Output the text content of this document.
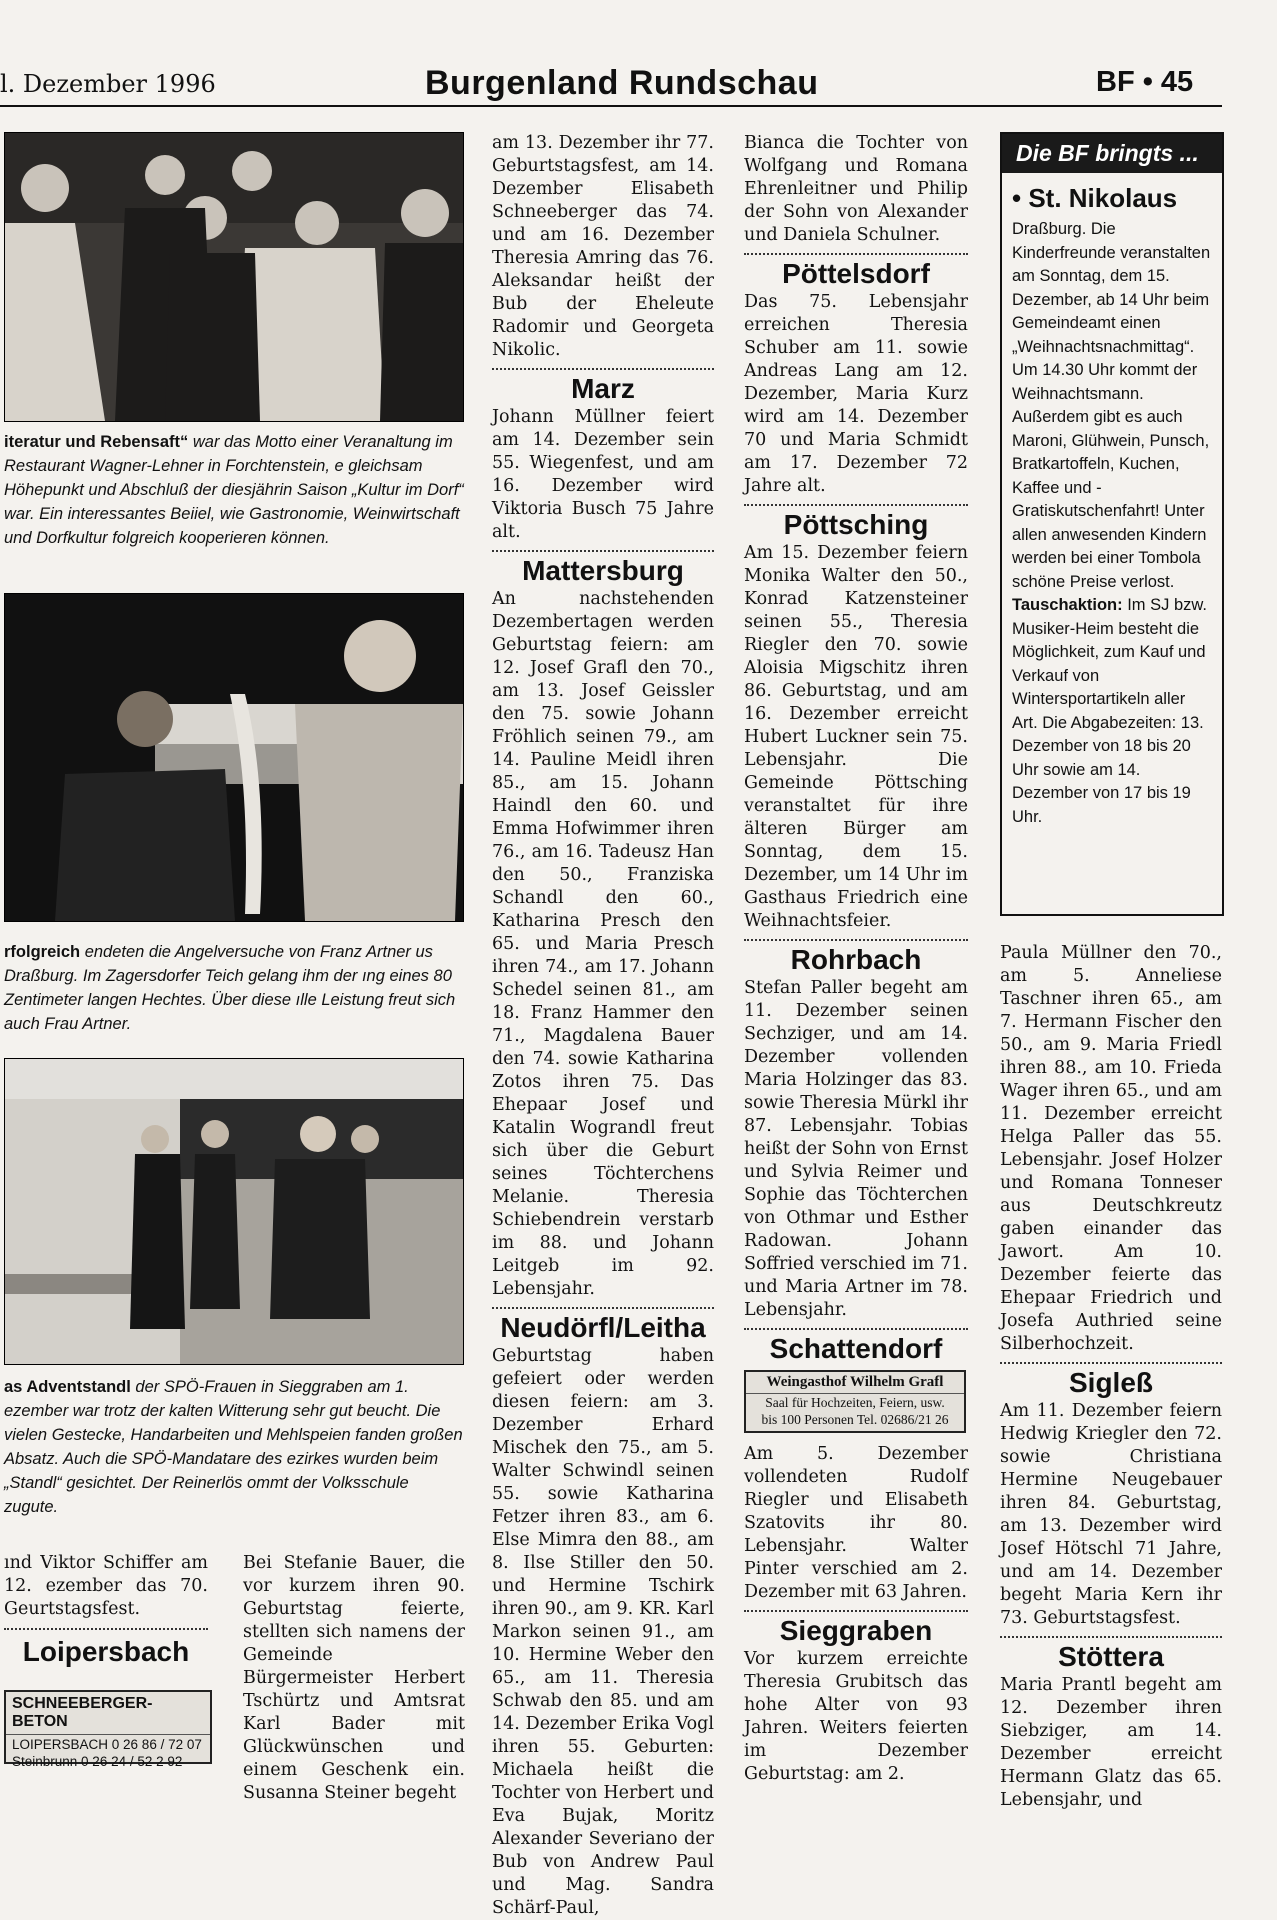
l. Dezember 1996	Burgenland Rundschau	BF • 45
iteratur und Rebensaft“ war das Motto einer Veranaltung im Restaurant Wagner-Lehner in Forchtenstein, e gleichsam Höhepunkt und Abschluß der diesjährin Saison „Kultur im Dorf“ war. Ein interessantes Beiiel, wie Gastronomie, Weinwirtschaft und Dorfkultur folgreich kooperieren können.
rfolgreich endeten die Angelversuche von Franz Artner us Draßburg. Im Zagersdorfer Teich gelang ihm der ıng eines 80 Zentimeter langen Hechtes. Über diese ılle Leistung freut sich auch Frau Artner.
as Adventstandl der SPÖ-Frauen in Sieggraben am 1. ezember war trotz der kalten Witterung sehr gut beucht. Die vielen Gestecke, Handarbeiten und Mehlspeien fanden großen Absatz. Auch die SPÖ-Mandatare des ezirkes wurden beim „Standl“ gesichtet. Der Reinerlös ommt der Volksschule zugute.

ınd Viktor Schiffer am 12. ezember das 70. Geurtstagsfest.

Loipersbach
SCHNEEBERGER-BETON
LOIPERSBACH 0 26 86 / 72 07
Steinbrunn 0 26 24 / 52 2 92

Bei Stefanie Bauer, die vor kurzem ihren 90. Geburtstag feierte, stellten sich namens der Gemeinde Bürgermeister Herbert Tschürtz und Amtsrat Karl Bader mit Glückwünschen und einem Geschenk ein. Susanna Steiner begeht

am 13. Dezember ihr 77. Geburtstagsfest, am 14. Dezember Elisabeth Schneeberger das 74. und am 16. Dezember Theresia Amring das 76. Aleksandar heißt der Bub der Eheleute Radomir und Georgeta Nikolic.

Marz

Johann Müllner feiert am 14. Dezember sein 55. Wiegenfest, und am 16. Dezember wird Viktoria Busch 75 Jahre alt.

Mattersburg

An nachstehenden Dezembertagen werden Geburtstag feiern: am 12. Josef Grafl den 70., am 13. Josef Geissler den 75. sowie Johann Fröhlich seinen 79., am 14. Pauline Meidl ihren 85., am 15. Johann Haindl den 60. und Emma Hofwimmer ihren 76., am 16. Tadeusz Han den 50., Franziska Schandl den 60., Katharina Presch den 65. und Maria Presch ihren 74., am 17. Johann Schedel seinen 81., am 18. Franz Hammer den 71., Magdalena Bauer den 74. sowie Katharina Zotos ihren 75. Das Ehepaar Josef und Katalin Wograndl freut sich über die Geburt seines Töchterchens Melanie. Theresia Schiebendrein verstarb im 88. und Johann Leitgeb im 92. Lebensjahr.

Neudörfl/Leitha

Geburtstag haben gefeiert oder werden diesen feiern: am 3. Dezember Erhard Mischek den 75., am 5. Walter Schwindl seinen 55. sowie Katharina Fetzer ihren 83., am 6. Else Mimra den 88., am 8. Ilse Stiller den 50. und Hermine Tschirk ihren 90., am 9. KR. Karl Markon seinen 91., am 10. Hermine Weber den 65., am 11. Theresia Schwab den 85. und am 14. Dezember Erika Vogl ihren 55. Geburten: Michaela heißt die Tochter von Herbert und Eva Bujak, Moritz Alexander Severiano der Bub von Andrew Paul und Mag. Sandra Schärf-Paul,

Bianca die Tochter von Wolfgang und Romana Ehrenleitner und Philip der Sohn von Alexander und Daniela Schulner.

Pöttelsdorf

Das 75. Lebensjahr erreichen Theresia Schuber am 11. sowie Andreas Lang am 12. Dezember, Maria Kurz wird am 14. Dezember 70 und Maria Schmidt am 17. Dezember 72 Jahre alt.

Pöttsching

Am 15. Dezember feiern Monika Walter den 50., Konrad Katzensteiner seinen 55., Theresia Riegler den 70. sowie Aloisia Migschitz ihren 86. Geburtstag, und am 16. Dezember erreicht Hubert Luckner sein 75. Lebensjahr. Die Gemeinde Pöttsching veranstaltet für ihre älteren Bürger am Sonntag, dem 15. Dezember, um 14 Uhr im Gasthaus Friedrich eine Weihnachtsfeier.

Rohrbach

Stefan Paller begeht am 11. Dezember seinen Sechziger, und am 14. Dezember vollenden Maria Holzinger das 83. sowie Theresia Mürkl ihr 87. Lebensjahr. Tobias heißt der Sohn von Ernst und Sylvia Reimer und Sophie das Töchterchen von Othmar und Esther Radowan. Johann Soffried verschied im 71. und Maria Artner im 78. Lebensjahr.

Schattendorf
Weingasthof Wilhelm Grafl
Saal für Hochzeiten, Feiern, usw.
bis 100 Personen Tel. 02686/21 26

Am 5. Dezember vollendeten Rudolf Riegler und Elisabeth Szatovits ihr 80. Lebensjahr. Walter Pinter verschied am 2. Dezember mit 63 Jahren.

Sieggraben

Vor kurzem erreichte Theresia Grubitsch das hohe Alter von 93 Jahren. Weiters feierten im Dezember Geburtstag: am 2.

Die BF bringts ...
• St. Nikolaus

Draßburg. Die Kinderfreunde veranstalten am Sonntag, dem 15. Dezember, ab 14 Uhr beim Gemeindeamt einen „Weihnachtsnachmittag“. Um 14.30 Uhr kommt der Weihnachtsmann. Außerdem gibt es auch Maroni, Glühwein, Punsch, Bratkartoffeln, Kuchen, Kaffee und - Gratiskutschenfahrt! Unter allen anwesenden Kindern werden bei einer Tombola schöne Preise verlost.

Tauschaktion: Im SJ bzw. Musiker-Heim besteht die Möglichkeit, zum Kauf und Verkauf von Wintersportartikeln aller Art. Die Abgabezeiten: 13. Dezember von 18 bis 20 Uhr sowie am 14. Dezember von 17 bis 19 Uhr.

Paula Müllner den 70., am 5. Anneliese Taschner ihren 65., am 7. Hermann Fischer den 50., am 9. Maria Friedl ihren 88., am 10. Frieda Wager ihren 65., und am 11. Dezember erreicht Helga Paller das 55. Lebensjahr. Josef Holzer und Romana Tonneser aus Deutschkreutz gaben einander das Jawort. Am 10. Dezember feierte das Ehepaar Friedrich und Josefa Authried seine Silberhochzeit.

Sigleß

Am 11. Dezember feiern Hedwig Kriegler den 72. sowie Christiana Hermine Neugebauer ihren 84. Geburtstag, am 13. Dezember wird Josef Hötschl 71 Jahre, und am 14. Dezember begeht Maria Kern ihr 73. Geburtstagsfest.

Stöttera

Maria Prantl begeht am 12. Dezember ihren Siebziger, am 14. Dezember erreicht Hermann Glatz das 65. Lebensjahr, und
